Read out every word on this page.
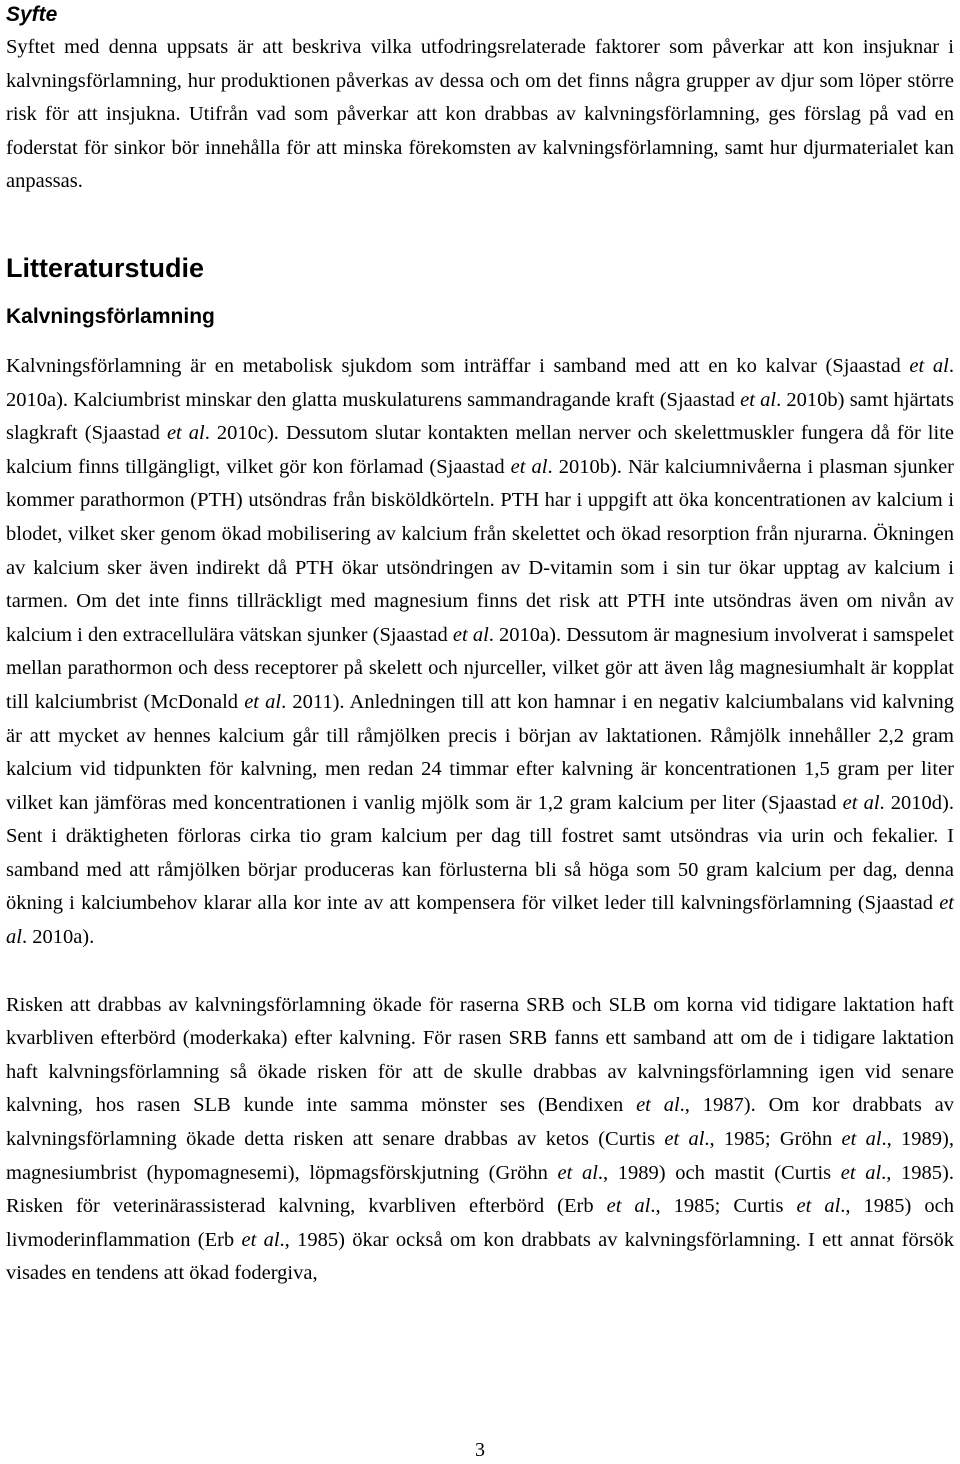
Syfte

Syftet med denna uppsats är att beskriva vilka utfodringsrelaterade faktorer som påverkar att kon insjuknar i kalvningsförlamning, hur produktionen påverkas av dessa och om det finns några grupper av djur som löper större risk för att insjukna. Utifrån vad som påverkar att kon drabbas av kalvningsförlamning, ges förslag på vad en foderstat för sinkor bör innehålla för att minska förekomsten av kalvningsförlamning, samt hur djurmaterialet kan anpassas.

Litteraturstudie
Kalvningsförlamning

Kalvningsförlamning är en metabolisk sjukdom som inträffar i samband med att en ko kalvar (Sjaastad et al. 2010a). Kalciumbrist minskar den glatta muskulaturens sammandragande kraft (Sjaastad et al. 2010b) samt hjärtats slagkraft (Sjaastad et al. 2010c). Dessutom slutar kontakten mellan nerver och skelettmuskler fungera då för lite kalcium finns tillgängligt, vilket gör kon förlamad (Sjaastad et al. 2010b). När kalciumnivåerna i plasman sjunker kommer parathormon (PTH) utsöndras från bisköldkörteln. PTH har i uppgift att öka koncentrationen av kalcium i blodet, vilket sker genom ökad mobilisering av kalcium från skelettet och ökad resorption från njurarna. Ökningen av kalcium sker även indirekt då PTH ökar utsöndringen av D-vitamin som i sin tur ökar upptag av kalcium i tarmen. Om det inte finns tillräckligt med magnesium finns det risk att PTH inte utsöndras även om nivån av kalcium i den extracellulära vätskan sjunker (Sjaastad et al. 2010a). Dessutom är magnesium involverat i samspelet mellan parathormon och dess receptorer på skelett och njurceller, vilket gör att även låg magnesiumhalt är kopplat till kalciumbrist (McDonald et al. 2011). Anledningen till att kon hamnar i en negativ kalciumbalans vid kalvning är att mycket av hennes kalcium går till råmjölken precis i början av laktationen. Råmjölk innehåller 2,2 gram kalcium vid tidpunkten för kalvning, men redan 24 timmar efter kalvning är koncentrationen 1,5 gram per liter vilket kan jämföras med koncentrationen i vanlig mjölk som är 1,2 gram kalcium per liter (Sjaastad et al. 2010d). Sent i dräktigheten förloras cirka tio gram kalcium per dag till fostret samt utsöndras via urin och fekalier. I samband med att råmjölken börjar produceras kan förlusterna bli så höga som 50 gram kalcium per dag, denna ökning i kalciumbehov klarar alla kor inte av att kompensera för vilket leder till kalvningsförlamning (Sjaastad et al. 2010a).

Risken att drabbas av kalvningsförlamning ökade för raserna SRB och SLB om korna vid tidigare laktation haft kvarbliven efterbörd (moderkaka) efter kalvning. För rasen SRB fanns ett samband att om de i tidigare laktation haft kalvningsförlamning så ökade risken för att de skulle drabbas av kalvningsförlamning igen vid senare kalvning, hos rasen SLB kunde inte samma mönster ses (Bendixen et al., 1987). Om kor drabbats av kalvningsförlamning ökade detta risken att senare drabbas av ketos (Curtis et al., 1985; Gröhn et al., 1989), magnesiumbrist (hypomagnesemi), löpmagsförskjutning (Gröhn et al., 1989) och mastit (Curtis et al., 1985). Risken för veterinärassisterad kalvning, kvarbliven efterbörd (Erb et al., 1985; Curtis et al., 1985) och livmoderinflammation (Erb et al., 1985) ökar också om kon drabbats av kalvningsförlamning. I ett annat försök visades en tendens att ökad fodergiva,

3
